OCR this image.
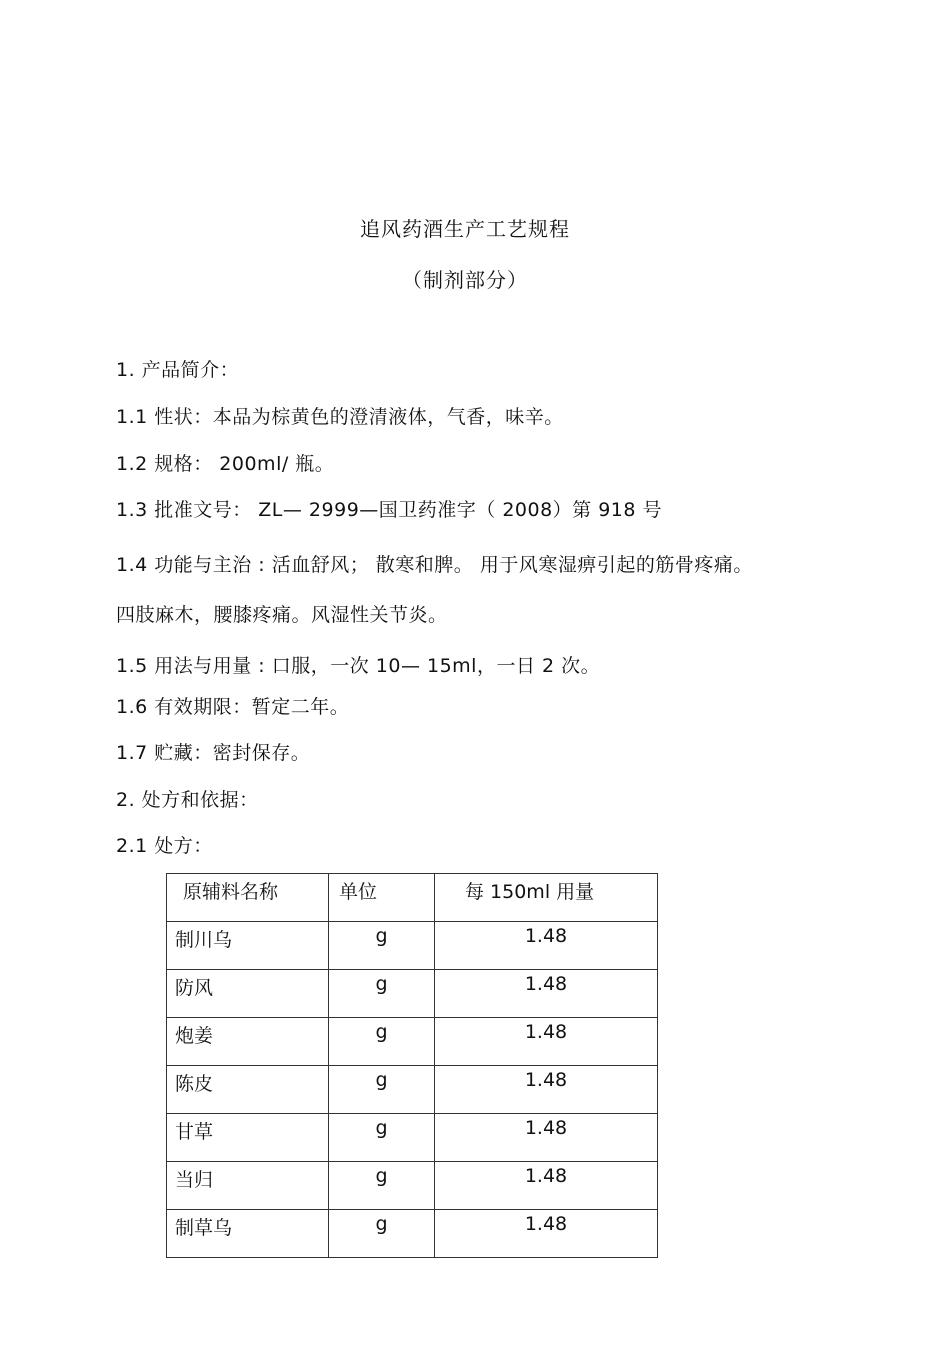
追风药酒生产工艺规程
（制剂部分）
1. 产品简介：
1.1 性状：本品为棕黄色的澄清液体，气香，味辛。
1.2 规格： 200ml/ 瓶。
1.3 批准文号： ZL— 2999—国卫药准字（ 2008）第 918 号
1.4 功能与主治 : 活血舒风； 散寒和脾。 用于风寒湿痹引起的筋骨疼痛。
四肢麻木，腰膝疼痛。风湿性关节炎。
1.5 用法与用量 : 口服，一次 10— 15ml，一日 2 次。
1.6 有效期限：暂定二年。
1.7 贮藏：密封保存。
2. 处方和依据：
2.1 处方：
原辅料名称	单位	每 150ml 用量
制川乌	g	1.48
防风	g	1.48
炮姜	g	1.48
陈皮	g	1.48
甘草	g	1.48
当归	g	1.48
制草乌	g	1.48
